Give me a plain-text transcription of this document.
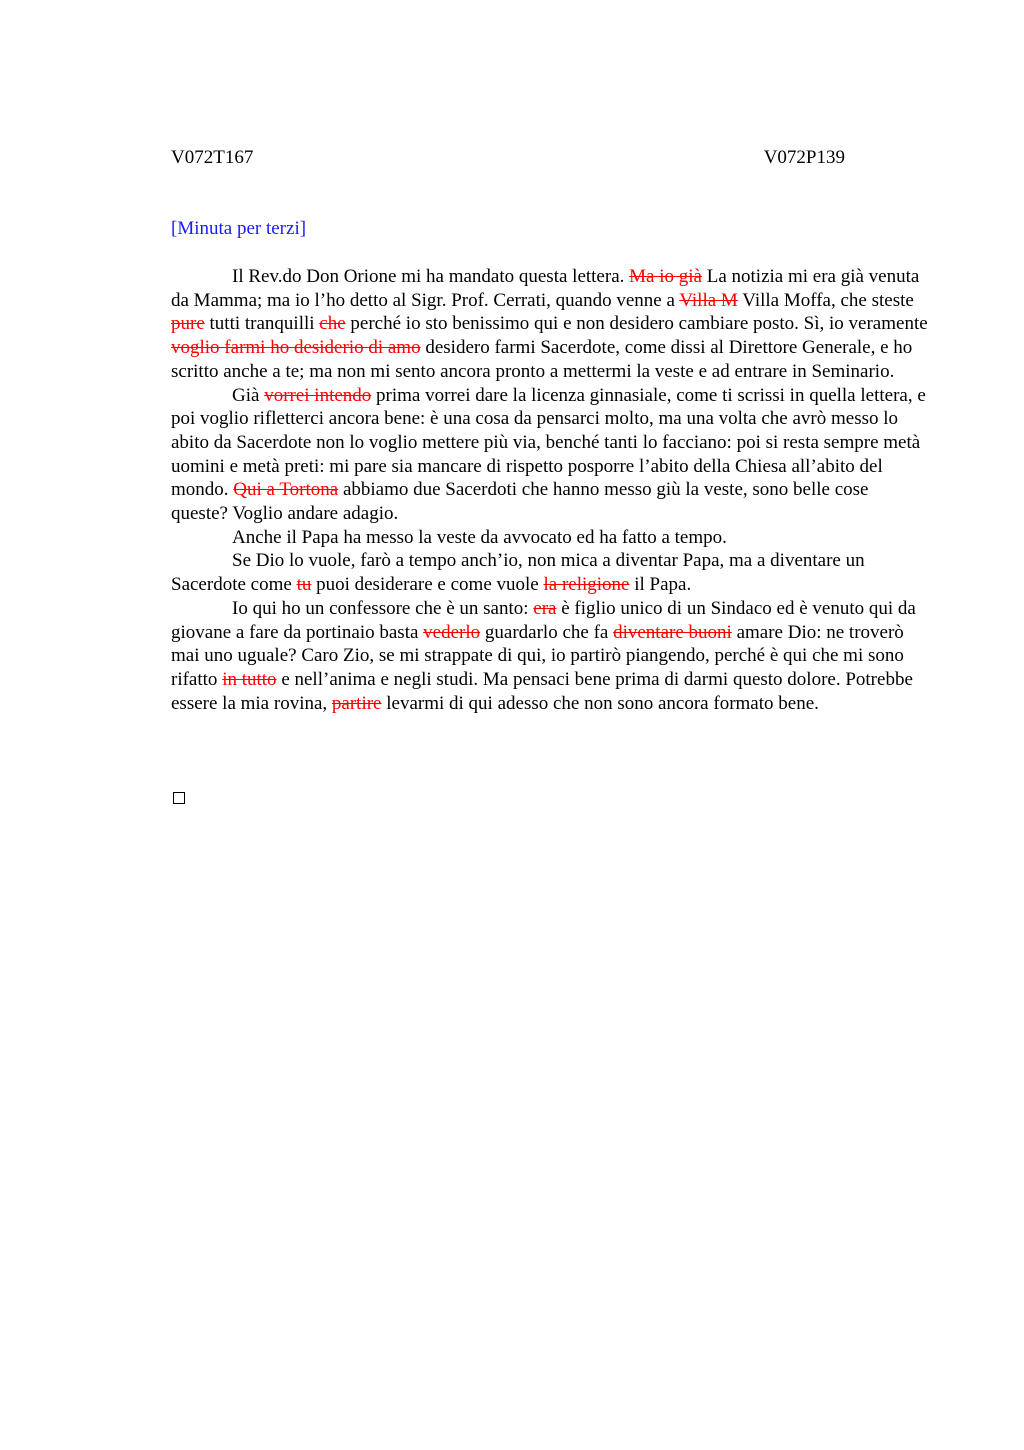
V072T167	V072P139
[Minuta per terzi]

Il Rev.do Don Orione mi ha mandato questa lettera. Ma io già La notizia mi era già venuta da Mamma; ma io l’ho detto al Sigr. Prof. Cerrati, quando venne a Villa M Villa Moffa, che steste pure tutti tranquilli che perché io sto benissimo qui e non desidero cambiare posto. Sì, io veramente voglio farmi ho desiderio di amo desidero farmi Sacerdote, come dissi al Direttore Generale, e ho scritto anche a te; ma non mi sento ancora pronto a mettermi la veste e ad entrare in Seminario.

Già vorrei intendo prima vorrei dare la licenza ginnasiale, come ti scrissi in quella lettera, e poi voglio rifletterci ancora bene: è una cosa da pensarci molto, ma una volta che avrò messo lo abito da Sacerdote non lo voglio mettere più via, benché tanti lo facciano: poi si resta sempre metà uomini e metà preti: mi pare sia mancare di rispetto posporre l’abito della Chiesa all’abito del mondo. Qui a Tortona abbiamo due Sacerdoti che hanno messo giù la veste, sono belle cose queste? Voglio andare adagio.

Anche il Papa ha messo la veste da avvocato ed ha fatto a tempo.

Se Dio lo vuole, farò a tempo anch’io, non mica a diventar Papa, ma a diventare un Sacerdote come tu puoi desiderare e come vuole la religione il Papa.

Io qui ho un confessore che è un santo: era è figlio unico di un Sindaco ed è venuto qui da giovane a fare da portinaio basta vederlo guardarlo che fa diventare buoni amare Dio: ne troverò mai uno uguale? Caro Zio, se mi strappate di qui, io partirò piangendo, perché è qui che mi sono rifatto in tutto e nell’anima e negli studi. Ma pensaci bene prima di darmi questo dolore. Potrebbe essere la mia rovina, partire levarmi di qui adesso che non sono ancora formato bene.
